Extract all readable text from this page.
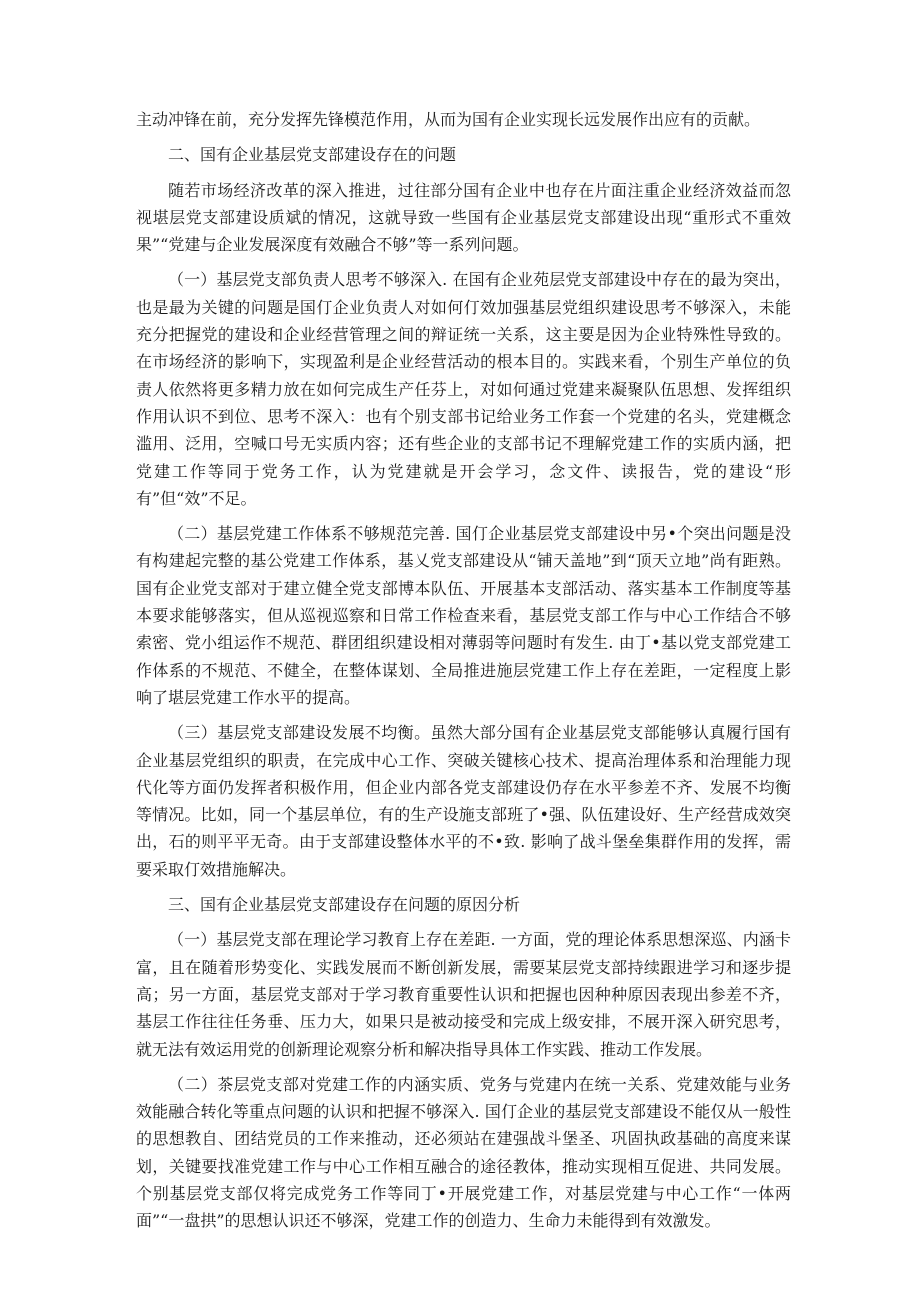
主动冲锋在前，充分发挥先锋模范作用，从而为国有企业实现长远发展作出应有的贡献。

二、国有企业基层党支部建设存在的问题

随若市场经济改革的深入推进，过往部分国有企业中也存在片面注重企业经济效益而忽视堪层党支部建设质斌的情况，这就导致一些国有企业基层党支部建设出现“重形式不重效果”“党建与企业发展深度有效融合不够”等一系列问题。

（一）基层党支部负责人思考不够深入. 在国有企业苑层党支部建设中存在的最为突出，也是最为关键的问题是国仃企业负责人对如何仃效加强基层党组织建设思考不够深入，未能充分把握党的建设和企业经营管理之间的辩证统一关系，这主要是因为企业特殊性导致的。在市场经济的影响下，实现盈利是企业经营活动的根本目的。实践来看，个别生产单位的负责人依然将更多精力放在如何完成生产任芬上，对如何通过党建来凝聚队伍思想、发挥组织作用认识不到位、思考不深入：也有个别支部书记给业务工作套一个党建的名头，党建概念滥用、泛用，空喊口号无实质内容；还有些企业的支部书记不理解党建工作的实质内涵，把党建工作等同于党务工作，认为党建就是开会学习，念文件、读报告，党的建设“形有”但“效”不足。

（二）基层党建工作体系不够规范完善. 国仃企业基层党支部建设中另•个突出问题是没有构建起完整的基公党建工作体系，基乂党支部建设从“铺天盖地”到“顶天立地”尚有距熟。国有企业党支部对于建立健全党支部博本队伍、开展基本支部活动、落实基本工作制度等基本要求能够落实，但从巡视巡察和日常工作检查来看，基层党支部工作与中心工作结合不够索密、党小组运作不规范、群团组织建设相对薄弱等问题时有发生. 由丁•基以党支部党建工作体系的不规范、不健全，在整体谋划、全局推进施层党建工作上存在差距，一定程度上影响了堪层党建工作水平的提高。

（三）基层党支部建设发展不均衡。虽然大部分国有企业基层党支部能够认真履行国有企业基层党组织的职责，在完成中心工作、突破关键核心技术、提高治理体系和治理能力现代化等方面仍发挥者积极作用，但企业内部各党支部建设仍存在水平参差不齐、发展不均衡等情况。比如，同一个基层单位，有的生产设施支部班了•强、队伍建设好、生产经营成效突出，石的则平平无奇。由于支部建设整体水平的不•致. 影响了战斗堡垒集群作用的发挥，需要采取仃效措施解决。

三、国有企业基层党支部建设存在问题的原因分析

（一）基层党支部在理论学习教育上存在差距. 一方面，党的理论体系思想深巡、内涵卡富，且在随着形势变化、实践发展而不断创新发展，需要某层党支部持续跟进学习和逐步提高；另一方面，基层党支部对于学习教育重要性认识和把握也因种种原因表现出参差不齐，基层工作往往任务垂、压力大，如果只是被动接受和完成上级安排，不展开深入研究思考，就无法有效运用党的创新理论观察分析和解决指导具体工作实践、推动工作发展。

（二）茶层党支部对党建工作的内涵实质、党务与党建内在统一关系、党建效能与业务效能融合转化等重点问题的认识和把握不够深入. 国仃企业的基层党支部建设不能仅从一般性的思想教自、团结党员的工作来推动，还必须站在建强战斗堡圣、巩固执政基础的高度来谋划，关键要找准党建工作与中心工作相互融合的途径教体，推动实现相互促进、共同发展。个别基层党支部仅将完成党务工作等同丁•开展党建工作，对基层党建与中心工作“一体两面”“一盘拱”的思想认识还不够深，党建工作的创造力、生命力未能得到有效激发。
